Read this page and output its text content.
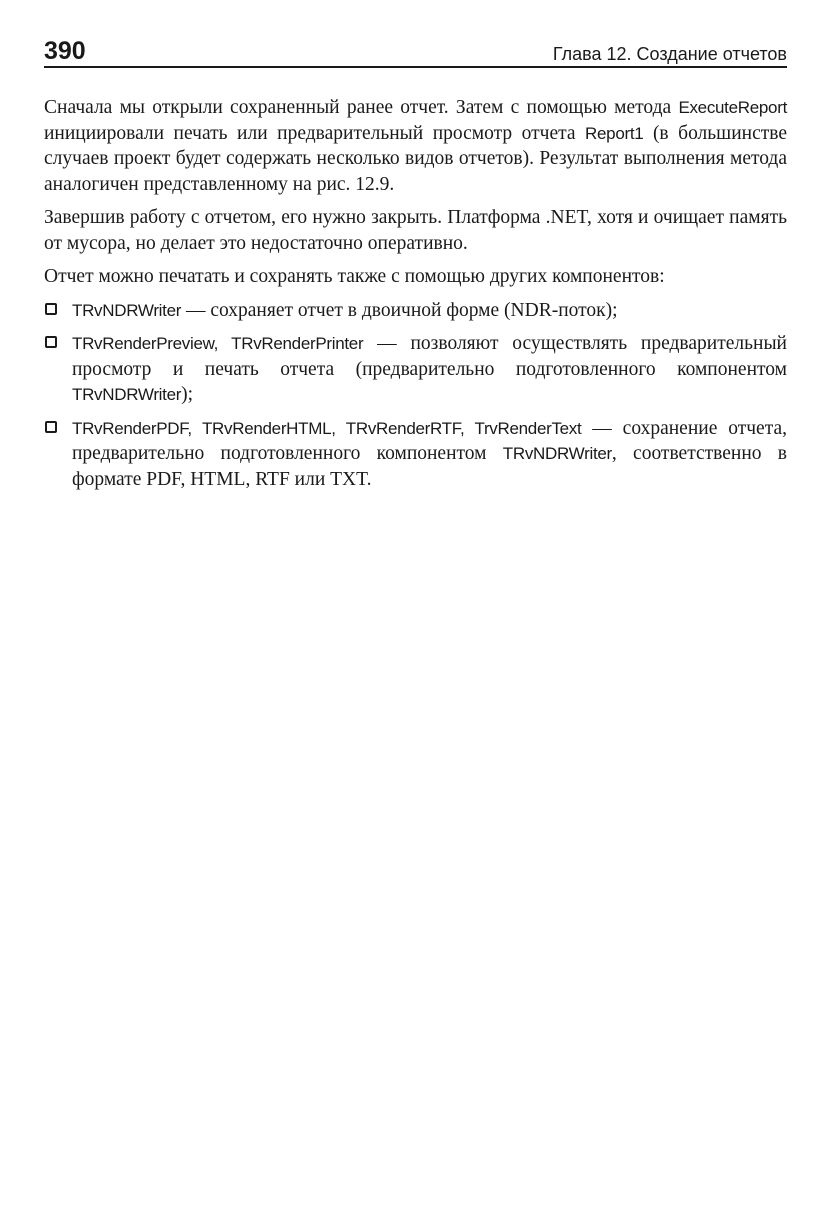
390	Глава 12. Создание отчетов

Сначала мы открыли сохраненный ранее отчет. Затем с помощью метода ExecuteReport инициировали печать или предварительный просмотр отчета Report1 (в большинстве случаев проект будет содержать несколько видов отчетов). Результат выполнения метода аналогичен представленному на рис. 12.9.

Завершив работу с отчетом, его нужно закрыть. Платформа .NET, хотя и очищает память от мусора, но делает это недостаточно оперативно.

Отчет можно печатать и сохранять также с помощью других компонентов:

TRvNDRWriter — сохраняет отчет в двоичной форме (NDR-поток);
TRvRenderPreview, TRvRenderPrinter — позволяют осуществлять предварительный просмотр и печать отчета (предварительно подготовленного компонентом TRvNDRWriter);
TRvRenderPDF, TRvRenderHTML, TRvRenderRTF, TrvRenderText — сохранение отчета, предварительно подготовленного компонентом TRvNDRWriter, соответственно в формате PDF, HTML, RTF или TXT.
